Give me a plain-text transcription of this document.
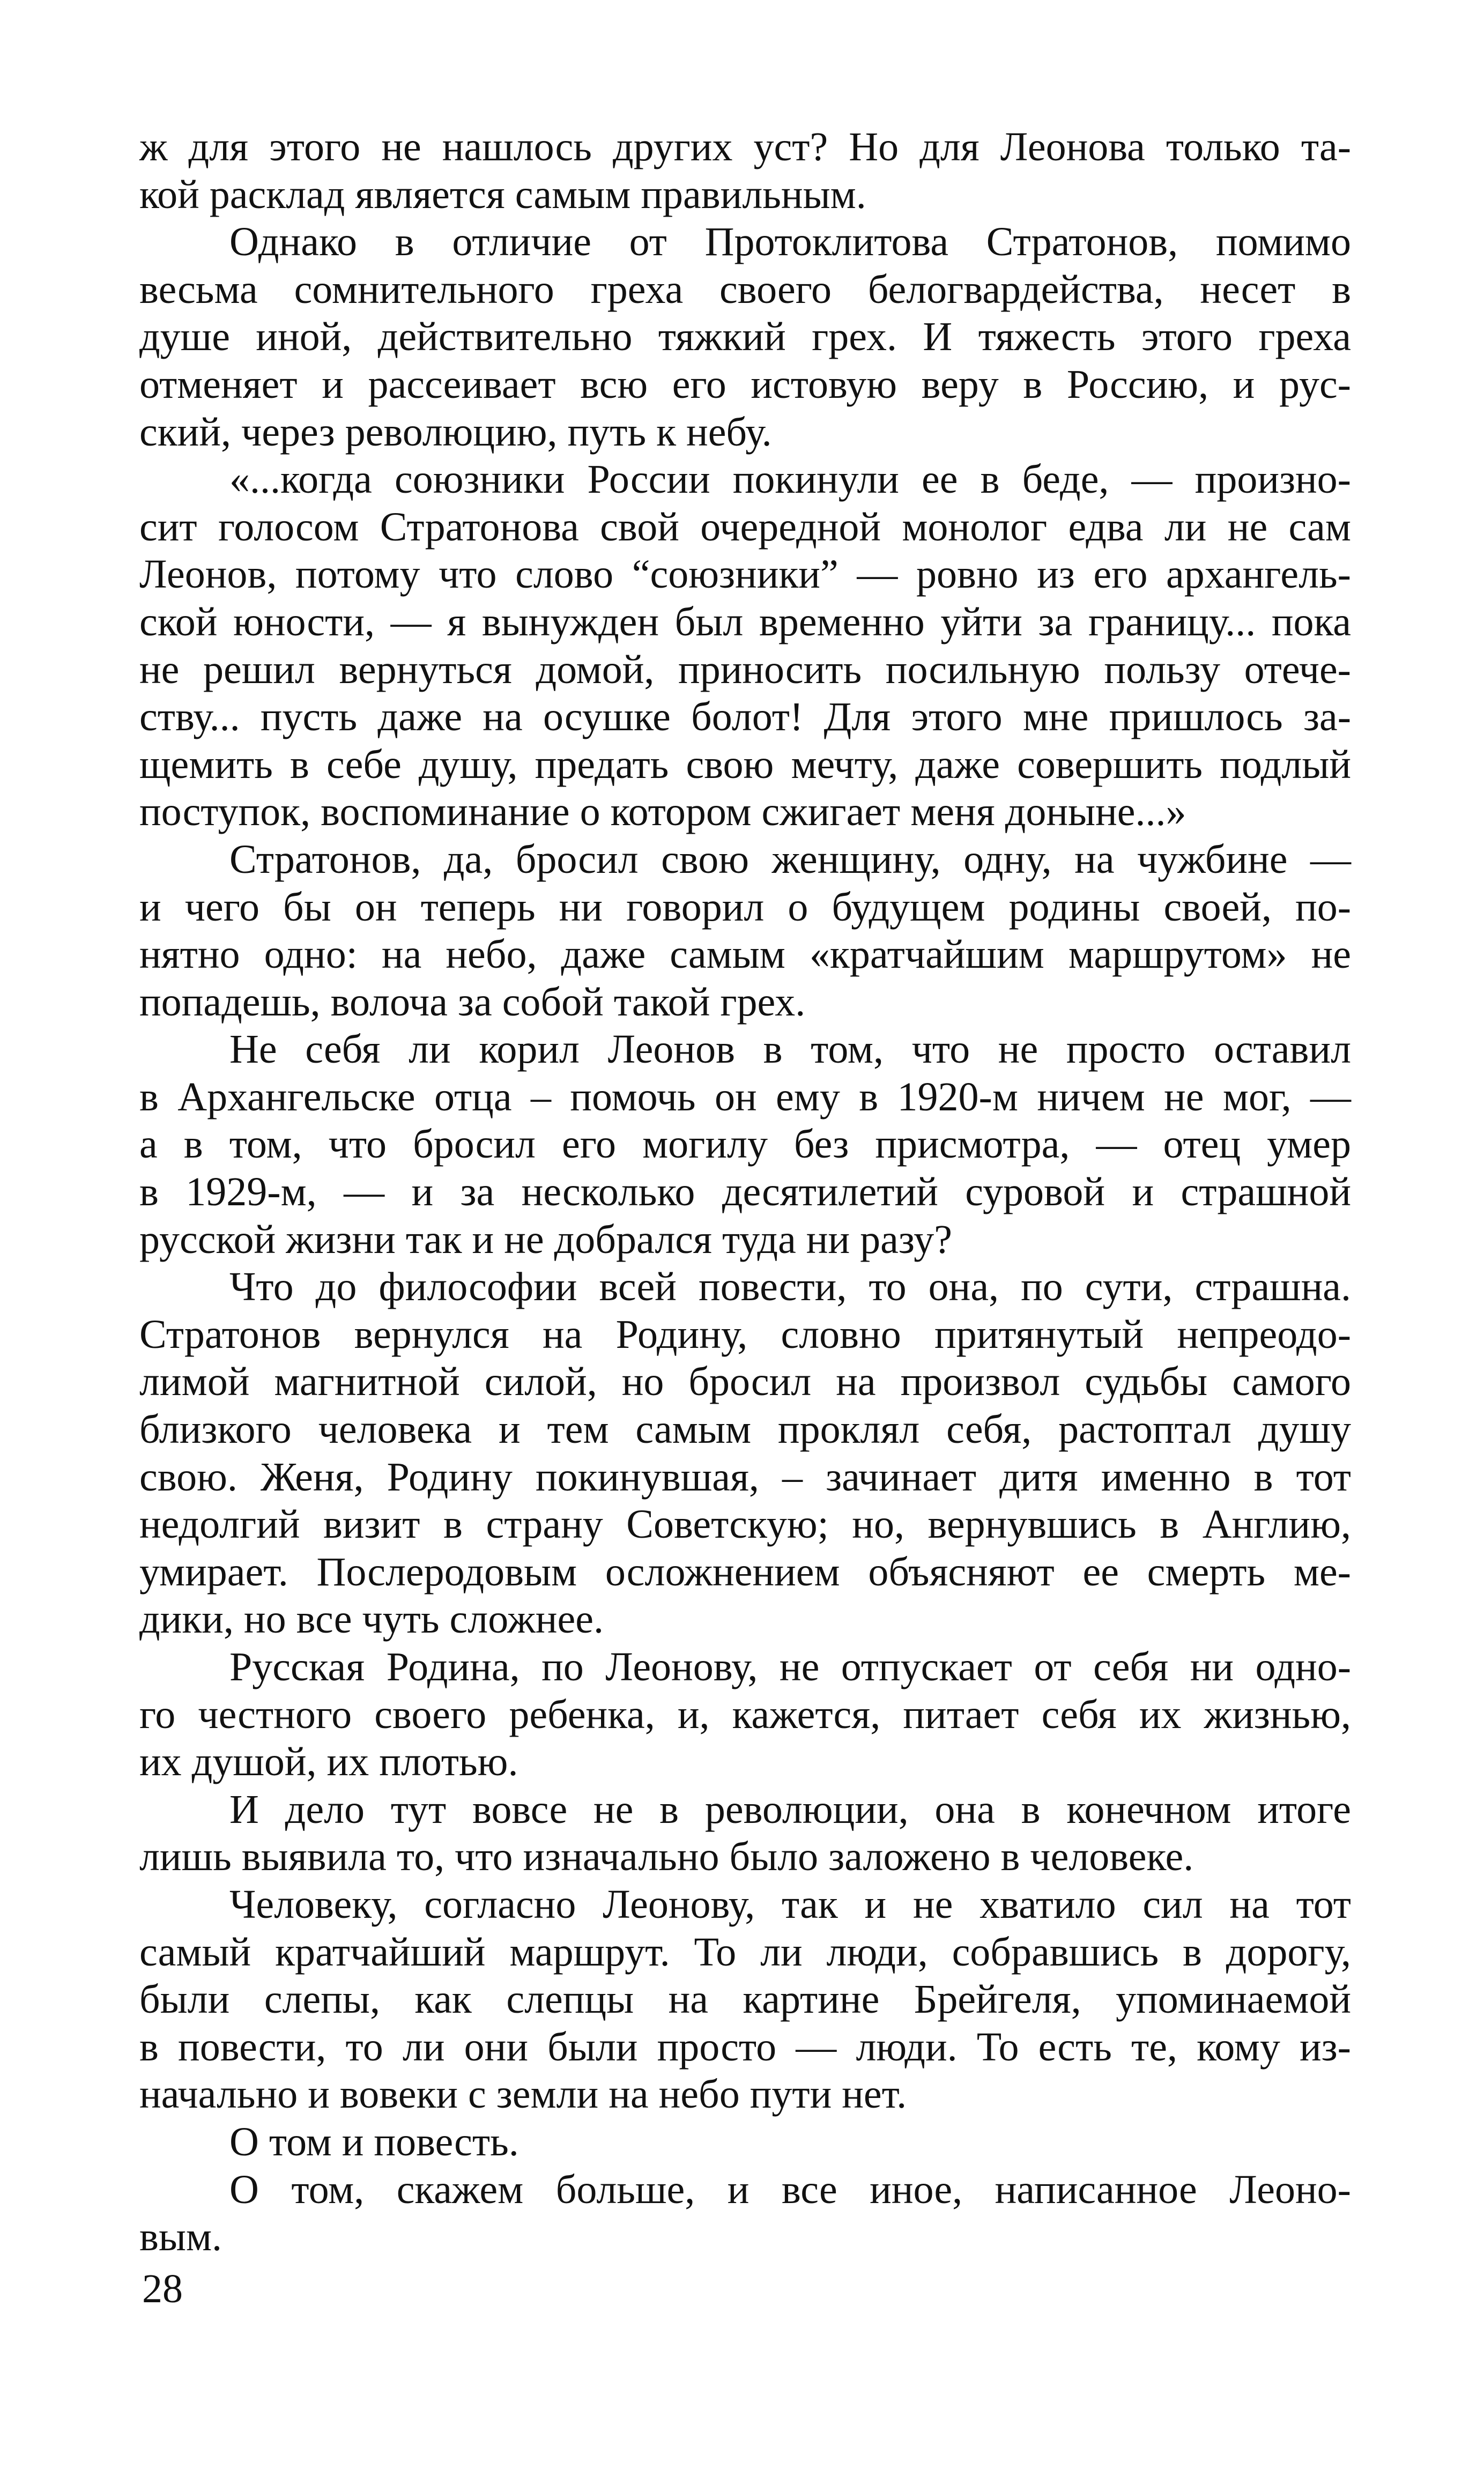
ж для этого не нашлось других уст? Но для Леонова только та-
кой расклад является самым правильным.
Однако в отличие от Протоклитова Стратонов, помимо
весьма сомнительного греха своего белогвардейства, несет в
душе иной, действительно тяжкий грех. И тяжесть этого греха
отменяет и рассеивает всю его истовую веру в Россию, и рус-
ский, через революцию, путь к небу.
«...когда союзники России покинули ее в беде, — произно-
сит голосом Стратонова свой очередной монолог едва ли не сам
Леонов, потому что слово “союзники” — ровно из его архангель-
ской юности, — я вынужден был временно уйти за границу... пока
не решил вернуться домой, приносить посильную пользу отече-
ству... пусть даже на осушке болот! Для этого мне пришлось за-
щемить в себе душу, предать свою мечту, даже совершить подлый
поступок, воспоминание о котором сжигает меня доныне...»
Стратонов, да, бросил свою женщину, одну, на чужбине —
и чего бы он теперь ни говорил о будущем родины своей, по-
нятно одно: на небо, даже самым «кратчайшим маршрутом» не
попадешь, волоча за собой такой грех.
Не себя ли корил Леонов в том, что не просто оставил
в Архангельске отца – помочь он ему в 1920-м ничем не мог, —
а в том, что бросил его могилу без присмотра, — отец умер
в 1929-м, — и за несколько десятилетий суровой и страшной
русской жизни так и не добрался туда ни разу?
Что до философии всей повести, то она, по сути, страшна.
Стратонов вернулся на Родину, словно притянутый непреодо-
лимой магнитной силой, но бросил на произвол судьбы самого
близкого человека и тем самым проклял себя, растоптал душу
свою. Женя, Родину покинувшая, – зачинает дитя именно в тот
недолгий визит в страну Советскую; но, вернувшись в Англию,
умирает. Послеродовым осложнением объясняют ее смерть ме-
дики, но все чуть сложнее.
Русская Родина, по Леонову, не отпускает от себя ни одно-
го честного своего ребенка, и, кажется, питает себя их жизнью,
их душой, их плотью.
И дело тут вовсе не в революции, она в конечном итоге
лишь выявила то, что изначально было заложено в человеке.
Человеку, согласно Леонову, так и не хватило сил на тот
самый кратчайший маршрут. То ли люди, собравшись в дорогу,
были слепы, как слепцы на картине Брейгеля, упоминаемой
в повести, то ли они были просто — люди. То есть те, кому из-
начально и вовеки с земли на небо пути нет.
О том и повесть.
О том, скажем больше, и все иное, написанное Леоно-
вым.
28
